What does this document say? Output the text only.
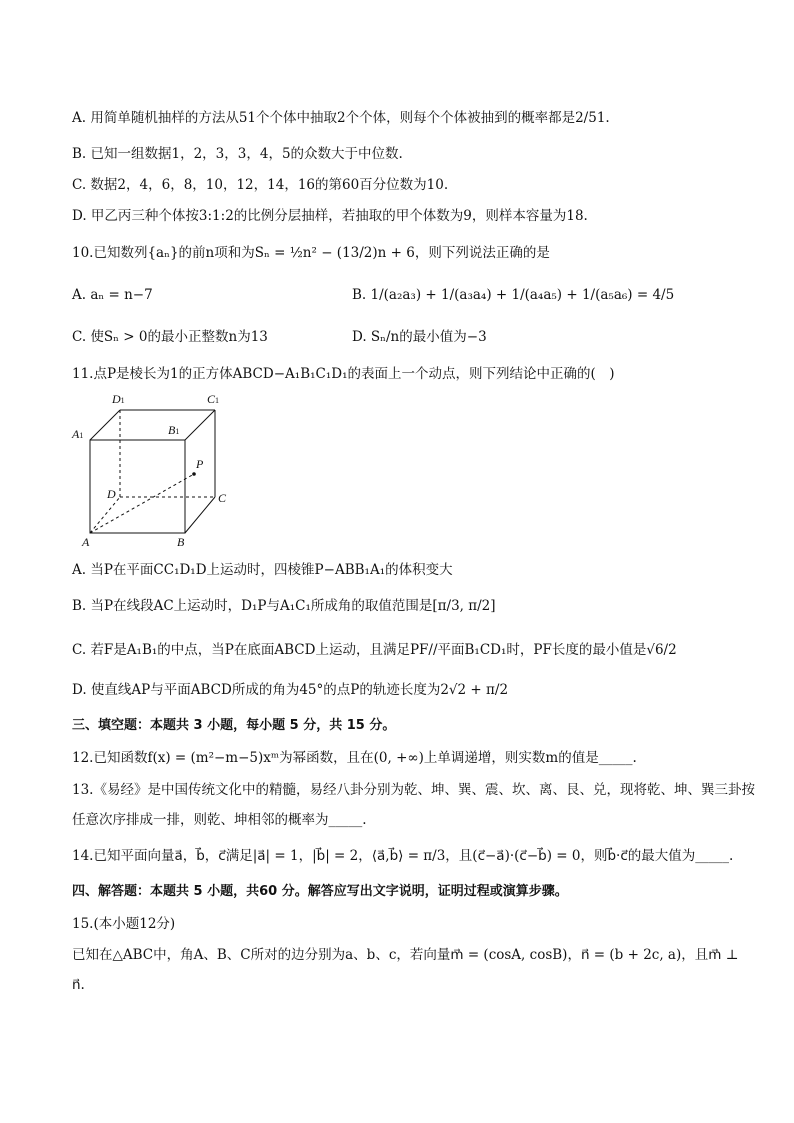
A. 用简单随机抽样的方法从51个个体中抽取2个个体，则每个个体被抽到的概率都是2/51.
B. 已知一组数据1，2，3，3，4，5的众数大于中位数.
C. 数据2，4，6，8，10，12，14，16的第60百分位数为10.
D. 甲乙丙三种个体按3:1:2的比例分层抽样，若抽取的甲个体数为9，则样本容量为18.
10.已知数列{aₙ}的前n项和为Sₙ = ½n² − (13/2)n + 6，则下列说法正确的是
A. aₙ = n−7	B. 1/(a₂a₃) + 1/(a₃a₄) + 1/(a₄a₅) + 1/(a₅a₆) = 4/5
C. 使Sₙ > 0的最小正整数n为13	D. Sₙ/n的最小值为−3
11.点P是棱长为1的正方体ABCD−A₁B₁C₁D₁的表面上一个动点，则下列结论中正确的(　)
D1	C1
A1	B1
P
D	C
A	B
A. 当P在平面CC₁D₁D上运动时，四棱锥P−ABB₁A₁的体积变大
B. 当P在线段AC上运动时，D₁P与A₁C₁所成角的取值范围是[π/3, π/2]
C. 若F是A₁B₁的中点，当P在底面ABCD上运动，且满足PF//平面B₁CD₁时，PF长度的最小值是√6/2
D. 使直线AP与平面ABCD所成的角为45°的点P的轨迹长度为2√2 + π/2
三、填空题：本题共 3 小题，每小题 5 分，共 15 分。
12.已知函数f(x) = (m²−m−5)xᵐ为幂函数，且在(0, +∞)上单调递增，则实数m的值是_____.
13.《易经》是中国传统文化中的精髓，易经八卦分别为乾、坤、巽、震、坎、离、艮、兑，现将乾、坤、巽三卦按
任意次序排成一排，则乾、坤相邻的概率为_____.
14.已知平面向量a⃗，b⃗，c⃗满足|a⃗| = 1，|b⃗| = 2，⟨a⃗,b⃗⟩ = π/3，且(c⃗−a⃗)·(c⃗−b⃗) = 0，则b⃗·c⃗的最大值为_____.
四、解答题：本题共 5 小题，共60 分。解答应写出文字说明，证明过程或演算步骤。
15.(本小题12分)
已知在△ABC中，角A、B、C所对的边分别为a、b、c，若向量m⃗ = (cosA, cosB)，n⃗ = (b + 2c, a)，且m⃗ ⊥
n⃗.
